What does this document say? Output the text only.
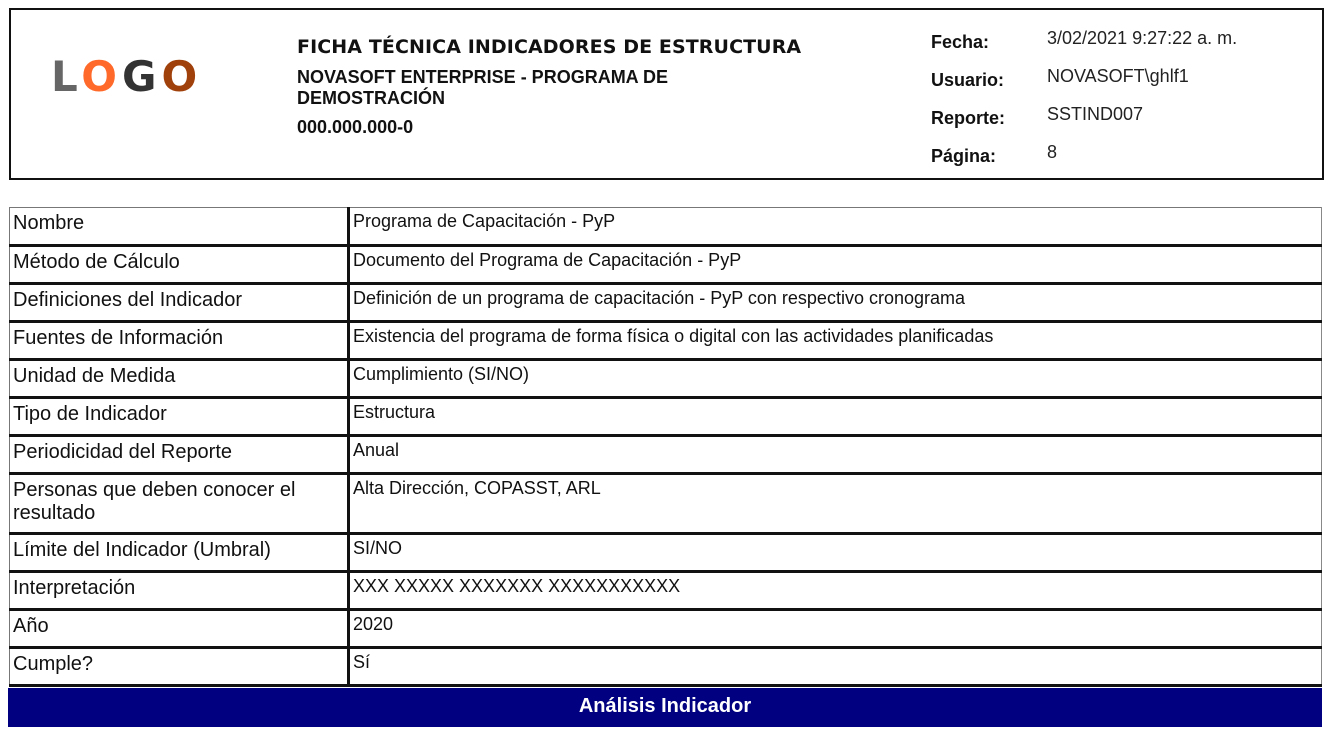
LOGO
FICHA TÉCNICA INDICADORES DE ESTRUCTURA
NOVASOFT ENTERPRISE - PROGRAMA DE DEMOSTRACIÓN
000.000.000-0
Fecha:	3/02/2021 9:27:22 a. m.
Usuario: NOVASOFT\ghlf1
Reporte: SSTIND007
Página:	8
Nombre	Programa de Capacitación - PyP
Método de Cálculo	Documento del Programa de Capacitación - PyP
Definiciones del Indicador	Definición de un programa de capacitación - PyP con respectivo cronograma
Fuentes de Información	Existencia del programa de forma física o digital con las actividades planificadas
Unidad de Medida	Cumplimiento (SI/NO)
Tipo de Indicador	Estructura
Periodicidad del Reporte	Anual
Personas que deben conocer el resultado	Alta Dirección, COPASST, ARL
Límite del Indicador (Umbral)	SI/NO
Interpretación	XXX XXXXX XXXXXXX XXXXXXXXXXX
Año	2020
Cumple?	Sí
Análisis Indicador
